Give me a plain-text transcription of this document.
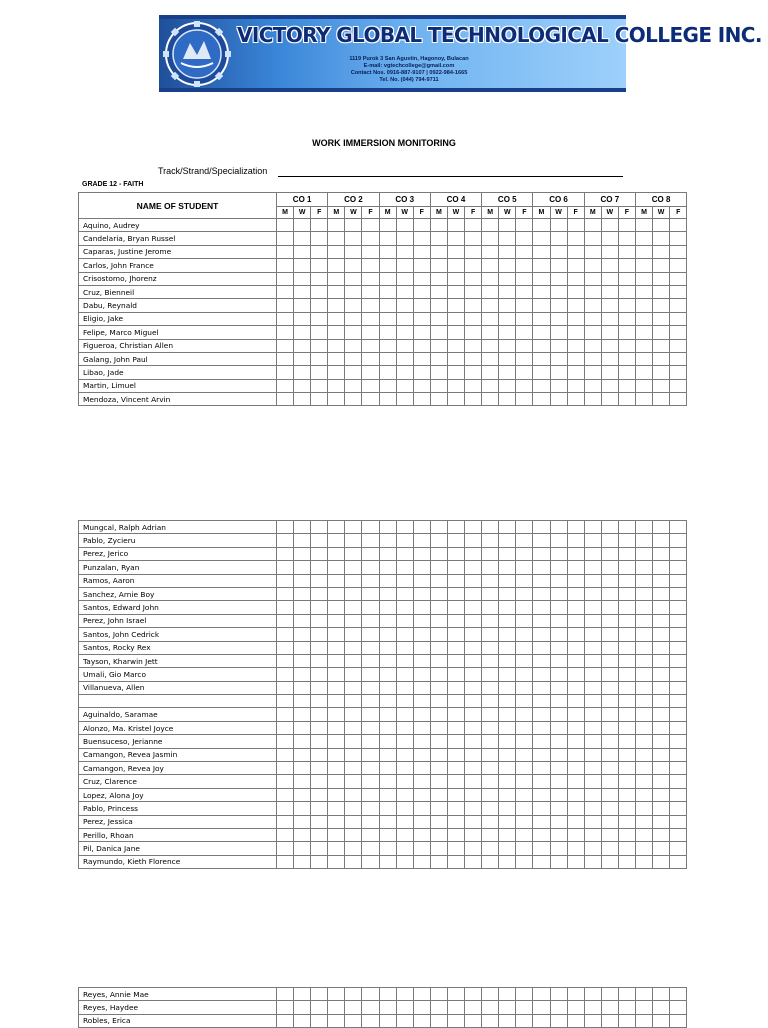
VICTORY GLOBAL TECHNOLOGICAL COLLEGE INC.
1119 Purok 3 San Agustin, Hagonoy, Bulacan
E-mail: vgtechcollege@gmail.com
Contact Nos. 0916-887-9107 | 0922-984-1665
Tel. No. (044) 794-9711
WORK IMMERSION MONITORING
Track/Strand/Specialization
GRADE 12 - FAITH
NAME OF STUDENT	CO 1			CO 2			CO 3			CO 4			CO 5			CO 6			CO 7			CO 8		
	M	W	F	M	W	F	M	W	F	M	W	F	M	W	F	M	W	F	M	W	F	M	W	F
Aquino, Audrey																								
Candelaria, Bryan Russel																								
Caparas, Justine Jerome																								
Carlos, John France																								
Crisostomo, Jhorenz																								
Cruz, Bienneil																								
Dabu, Reynald																								
Eligio, Jake																								
Felipe, Marco Miguel																								
Figueroa, Christian Allen																								
Galang, John Paul																								
Libao, Jade																								
Martin, Limuel																								
Mendoza, Vincent Arvin																								
Mungcal, Ralph Adrian																								
Pablo, Zycieru																								
Perez, Jerico																								
Punzalan, Ryan																								
Ramos, Aaron																								
Sanchez, Arnie Boy																								
Santos, Edward John																								
Perez, John Israel																								
Santos, John Cedrick																								
Santos, Rocky Rex																								
Tayson, Kharwin Jett																								
Umali, Gio Marco																								
Villanueva, Allen																								

Aguinaldo, Saramae																								
Alonzo, Ma. Kristel Joyce																								
Buensuceso, Jerianne																								
Camangon, Revea Jasmin																								
Camangon, Revea Joy																								
Cruz, Clarence																								
Lopez, Alona Joy																								
Pablo, Princess																								
Perez, Jessica																								
Perillo, Rhoan																								
Pil, Danica Jane																								
Raymundo, Kieth Florence																								
Reyes, Annie Mae																								
Reyes, Haydee																								
Robles, Erica																								
